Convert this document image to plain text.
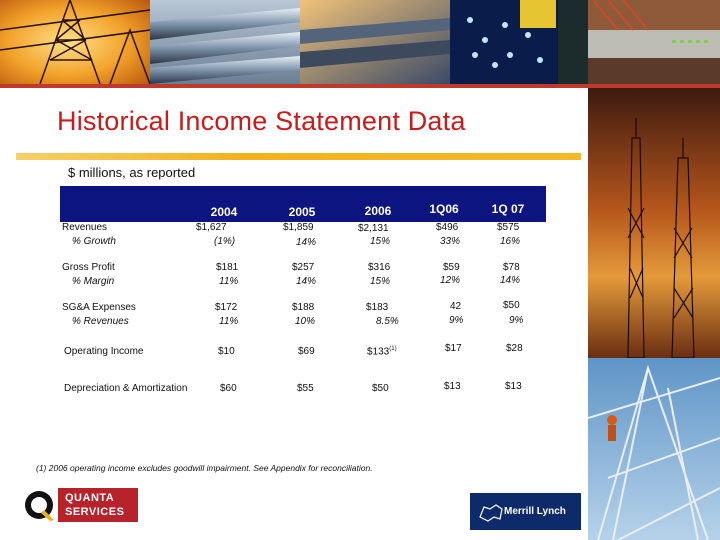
Historical Income Statement Data
$ millions, as reported
2004	2005	2006	1Q06	1Q 07
Revenues	$1,627	$1,859	$2,131	$496	$575
% Growth	(1%)	14%	15%	33%	16%
Gross Profit	$181	$257	$316	$59	$78
% Margin	11%	14%	15%	12%	14%
SG&A Expenses	$172	$188	$183	42	$50
% Revenues	11%	10%	8.5%	9%	9%
Operating Income	$10	$69	$133$^{(1)}$	$17	$28
Depreciation & Amortization	$60	$55	$50	$13	$13
(1) 2006 operating income excludes goodwill impairment. See Appendix for reconciliation.
QUANTA
SERVICES	Merrill Lynch
